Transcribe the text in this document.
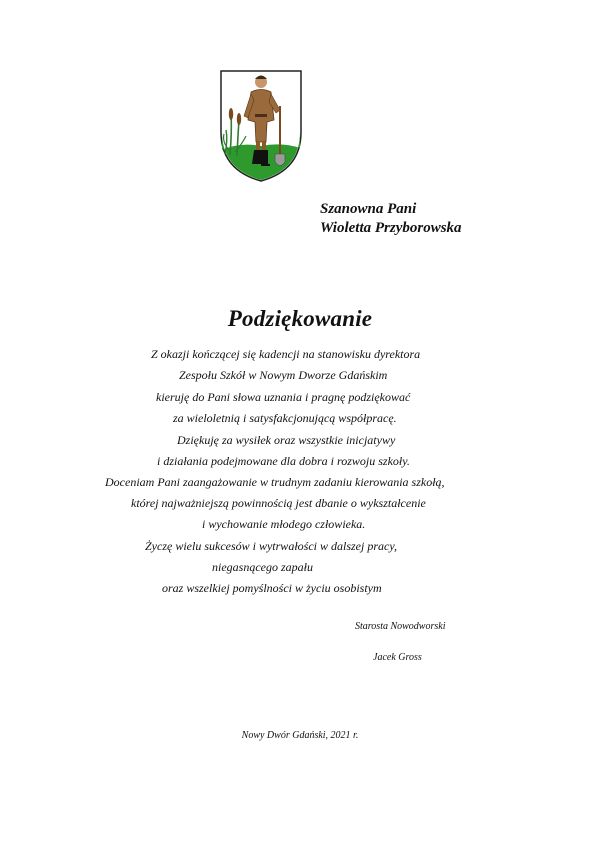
Szanowna Pani
Wioletta Przyborowska
Podziękowanie
Z okazji kończącej się kadencji na stanowisku dyrektora
Zespołu Szkół w Nowym Dworze Gdańskim
kieruję do Pani słowa uznania i pragnę podziękować
za wieloletnią i satysfakcjonującą współpracę.
Dziękuję za wysiłek oraz wszystkie inicjatywy
i działania podejmowane dla dobra i rozwoju szkoły.
Doceniam Pani zaangażowanie w trudnym zadaniu kierowania szkołą,
której najważniejszą powinnością jest dbanie o wykształcenie
i wychowanie młodego człowieka.
Życzę wielu sukcesów i wytrwałości w dalszej pracy,
niegasnącego zapału
oraz wszelkiej pomyślności w życiu osobistym
Starosta Nowodworski
Jacek Gross
Nowy Dwór Gdański, 2021 r.
